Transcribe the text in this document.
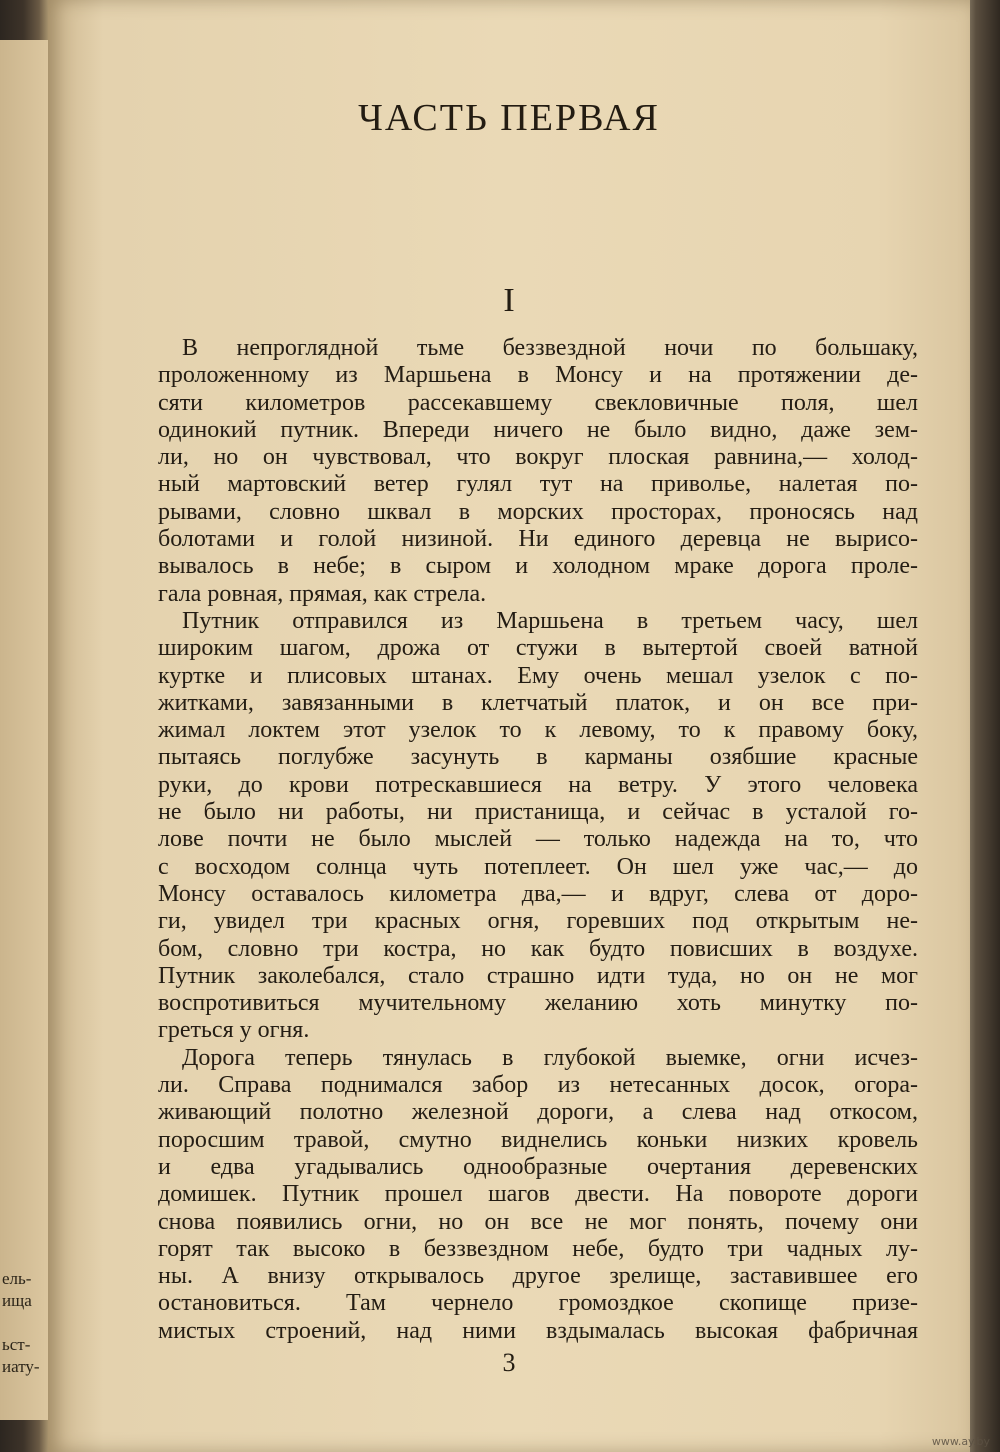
ель-
ища

ьст-
иату-
ЧАСТЬ ПЕРВАЯ
I
В непроглядной тьме беззвездной ночи по большаку,
проложенному из Маршьена в Монсу и на протяжении де-
сяти километров рассекавшему свекловичные поля, шел
одинокий путник. Впереди ничего не было видно, даже зем-
ли, но он чувствовал, что вокруг плоская равнина,— холод-
ный мартовский ветер гулял тут на приволье, налетая по-
рывами, словно шквал в морских просторах, проносясь над
болотами и голой низиной. Ни единого деревца не вырисо-
вывалось в небе; в сыром и холодном мраке дорога проле-
гала ровная, прямая, как стрела.
Путник отправился из Маршьена в третьем часу, шел
широким шагом, дрожа от стужи в вытертой своей ватной
куртке и плисовых штанах. Ему очень мешал узелок с по-
житками, завязанными в клетчатый платок, и он все при-
жимал локтем этот узелок то к левому, то к правому боку,
пытаясь поглубже засунуть в карманы озябшие красные
руки, до крови потрескавшиеся на ветру. У этого человека
не было ни работы, ни пристанища, и сейчас в усталой го-
лове почти не было мыслей — только надежда на то, что
с восходом солнца чуть потеплеет. Он шел уже час,— до
Монсу оставалось километра два,— и вдруг, слева от доро-
ги, увидел три красных огня, горевших под открытым не-
бом, словно три костра, но как будто повисших в воздухе.
Путник заколебался, стало страшно идти туда, но он не мог
воспротивиться мучительному желанию хоть минутку по-
греться у огня.
Дорога теперь тянулась в глубокой выемке, огни исчез-
ли. Справа поднимался забор из нетесанных досок, огора-
живающий полотно железной дороги, а слева над откосом,
поросшим травой, смутно виднелись коньки низких кровель
и едва угадывались однообразные очертания деревенских
домишек. Путник прошел шагов двести. На повороте дороги
снова появились огни, но он все не мог понять, почему они
горят так высоко в беззвездном небе, будто три чадных лу-
ны. А внизу открывалось другое зрелище, заставившее его
остановиться. Там чернело громоздкое скопище призе-
мистых строений, над ними вздымалась высокая фабричная
3
www.ay.by
